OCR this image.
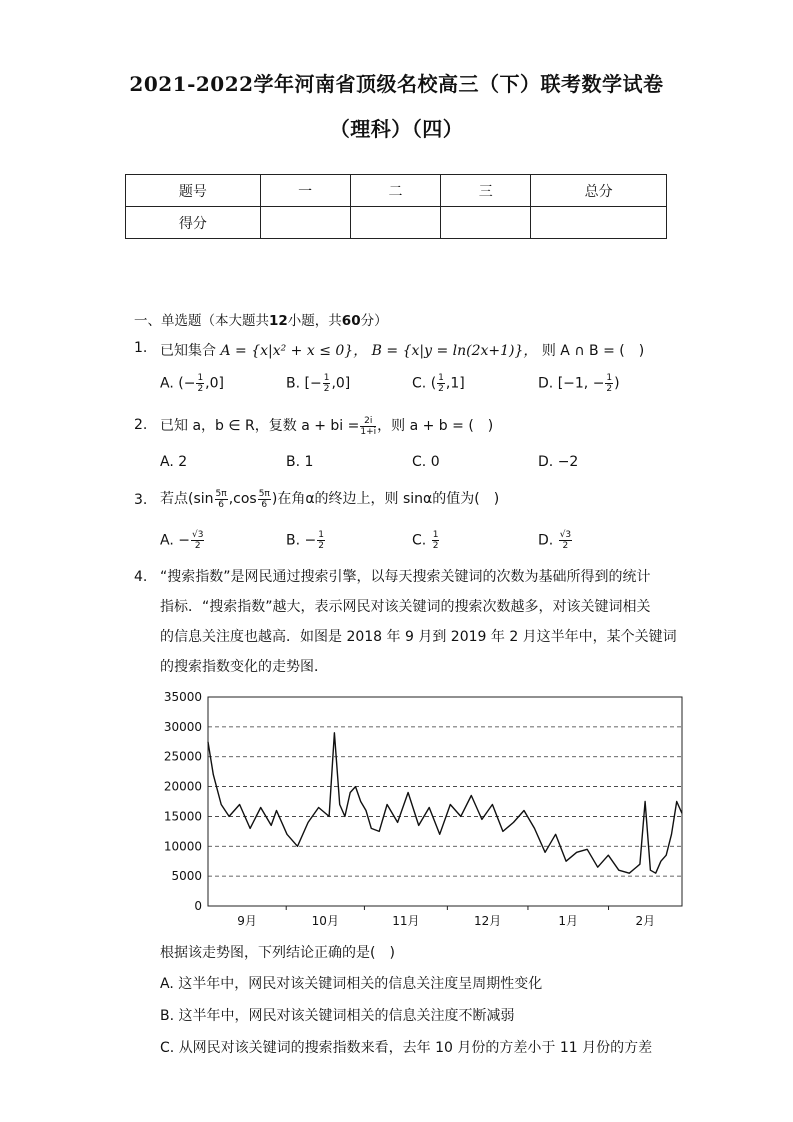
2021-2022学年河南省顶级名校高三（下）联考数学试卷
（理科）（四）
题号	一	二	三	总分
得分				
一、单选题（本大题共12小题，共60分）
1. 已知集合 A = {x|x² + x ≤ 0}， B = {x|y = ln(2x+1)}， 则 A ∩ B = (　)
A. (− $\frac{1}{2} ,0$]	B. [− $\frac{1}{2} ,0$]	C. ( $\frac{1}{2} ,1$]	D. [−1, − $\frac{1}{2}$ )
2. 已知 a，b ∈ R，复数 a + bi = $\frac{2i}{1+i}$ ，则 a + b = (　)
A. 2	B. 1	C. 0	D. −2
3. 若点($\sin \frac{5\pi}{6} ,\cos \frac{5\pi}{6}$ )在角α的终边上，则 sinα的值为(　)
A. − $\frac{√3}{2}$	B. − $\frac{1}{2}$	C. $\frac{1}{2}$	D. $\frac{√3}{2}$
4. “搜索指数”是网民通过搜索引擎，以每天搜索关键词的次数为基础所得到的统计
指标．“搜索指数”越大，表示网民对该关键词的搜索次数越多，对该关键词相关
的信息关注度也越高．如图是 2018 年 9 月到 2019 年 2 月这半年中，某个关键词
的搜索指数变化的走势图．
35000
30000
25000
20000
15000
10000
5000
0
9月	10月	11月	12月	1月	2月
根据该走势图，下列结论正确的是(　)
A. 这半年中，网民对该关键词相关的信息关注度呈周期性变化
B. 这半年中，网民对该关键词相关的信息关注度不断减弱
C. 从网民对该关键词的搜索指数来看，去年 10 月份的方差小于 11 月份的方差
